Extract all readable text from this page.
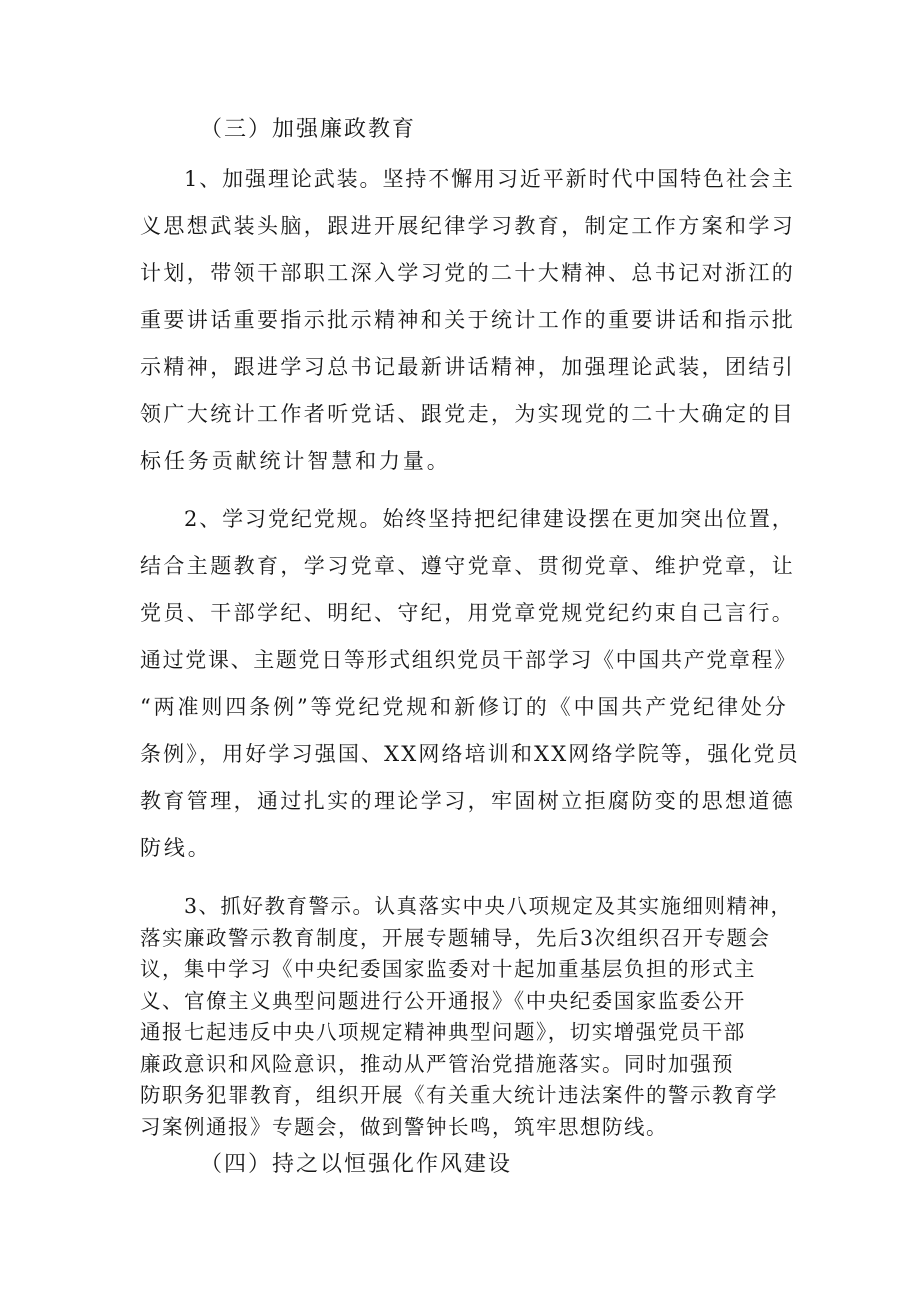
（三）加强廉政教育
1、加强理论武装。坚持不懈用习近平新时代中国特色社会主
义思想武装头脑，跟进开展纪律学习教育，制定工作方案和学习
计划，带领干部职工深入学习党的二十大精神、总书记对浙江的
重要讲话重要指示批示精神和关于统计工作的重要讲话和指示批
示精神，跟进学习总书记最新讲话精神，加强理论武装，团结引
领广大统计工作者听党话、跟党走，为实现党的二十大确定的目
标任务贡献统计智慧和力量。
2、学习党纪党规。始终坚持把纪律建设摆在更加突出位置，
结合主题教育，学习党章、遵守党章、贯彻党章、维护党章，让
党员、干部学纪、明纪、守纪，用党章党规党纪约束自己言行。
通过党课、主题党日等形式组织党员干部学习《中国共产党章程》
“两准则四条例”等党纪党规和新修订的《中国共产党纪律处分
条例》，用好学习强国、XX网络培训和XX网络学院等，强化党员
教育管理，通过扎实的理论学习，牢固树立拒腐防变的思想道德
防线。
3、抓好教育警示。认真落实中央八项规定及其实施细则精神，
落实廉政警示教育制度，开展专题辅导，先后3次组织召开专题会
议，集中学习《中央纪委国家监委对十起加重基层负担的形式主
义、官僚主义典型问题进行公开通报》《中央纪委国家监委公开
通报七起违反中央八项规定精神典型问题》，切实增强党员干部
廉政意识和风险意识，推动从严管治党措施落实。同时加强预
防职务犯罪教育，组织开展《有关重大统计违法案件的警示教育学
习案例通报》专题会，做到警钟长鸣，筑牢思想防线。
（四）持之以恒强化作风建设
